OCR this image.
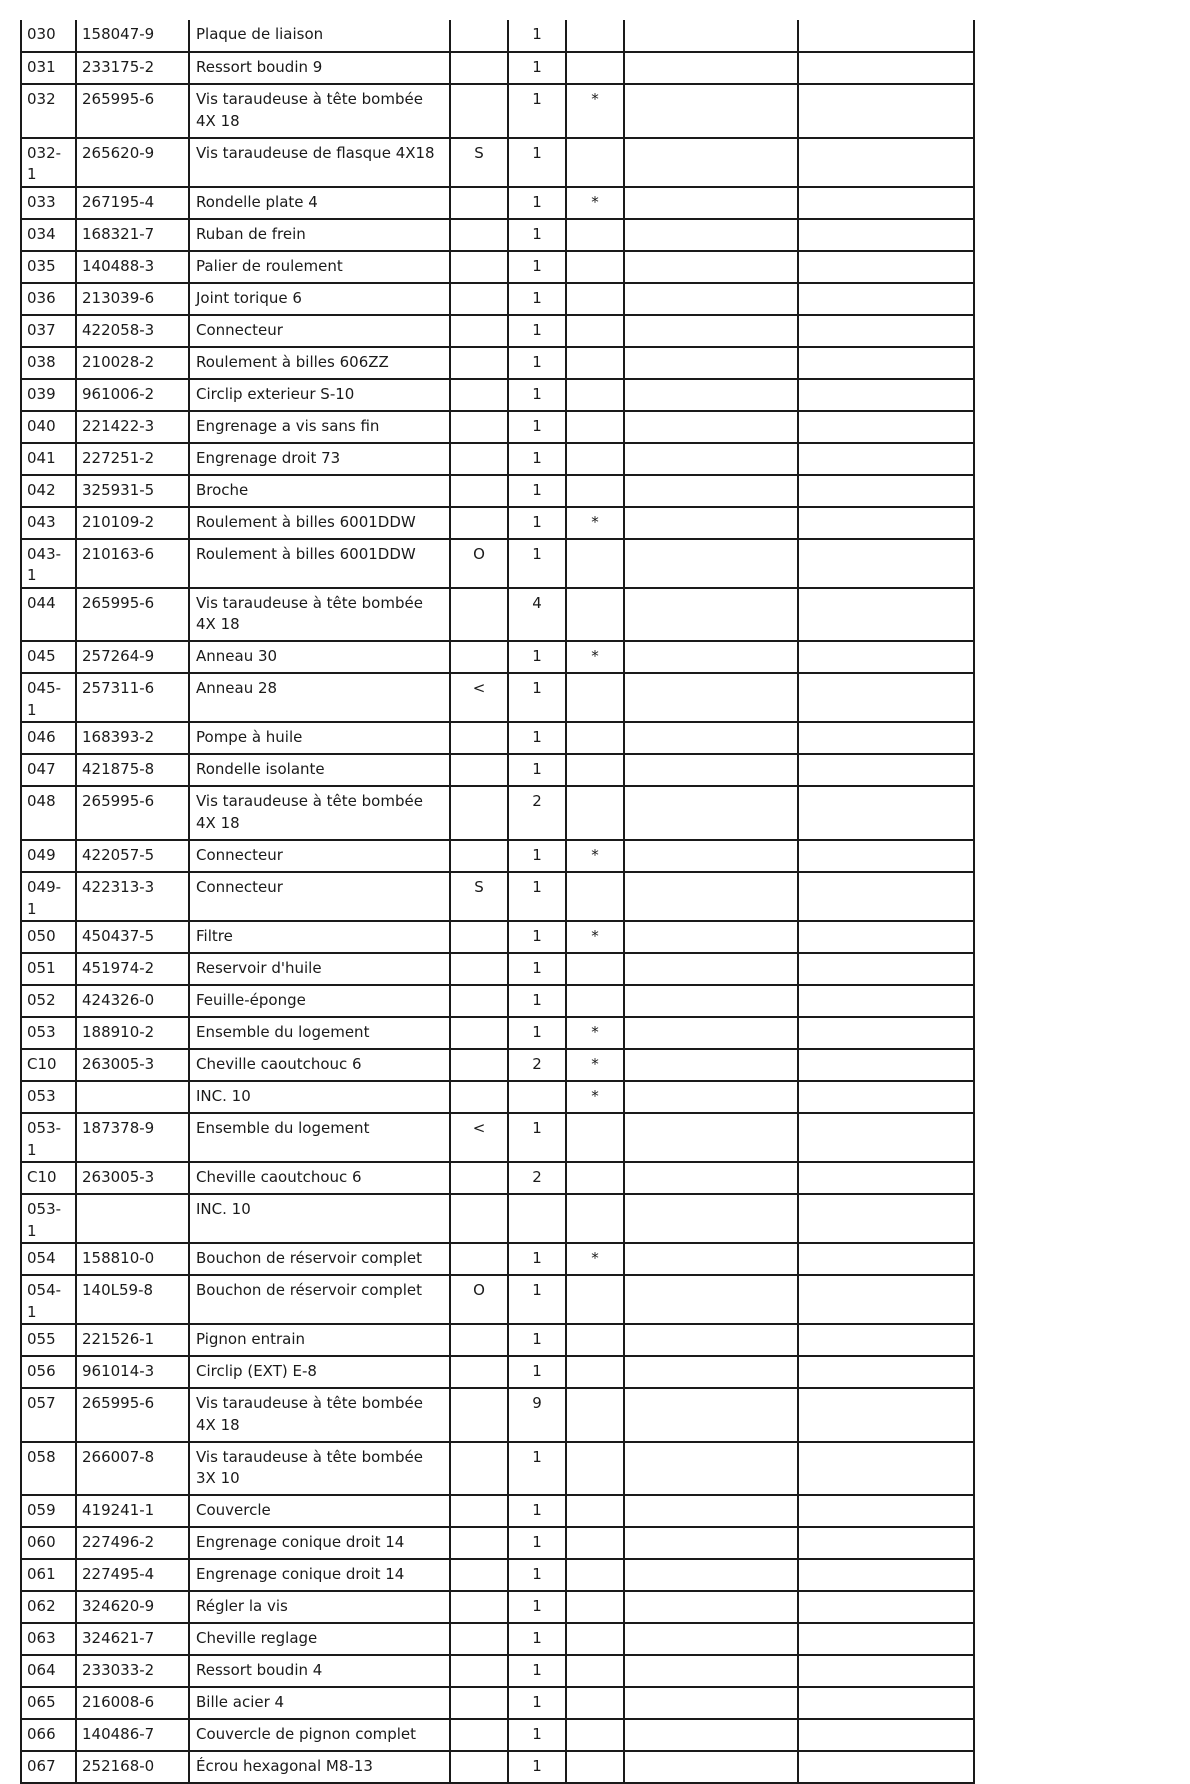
030	158047-9	Plaque de liaison		1			
031	233175-2	Ressort boudin 9		1			
032	265995-6	Vis taraudeuse à tête bombée 4X 18		1	*		
032-1	265620-9	Vis taraudeuse de flasque 4X18	S	1			
033	267195-4	Rondelle plate 4		1	*		
034	168321-7	Ruban de frein		1			
035	140488-3	Palier de roulement		1			
036	213039-6	Joint torique 6		1			
037	422058-3	Connecteur		1			
038	210028-2	Roulement à billes 606ZZ		1			
039	961006-2	Circlip exterieur S-10		1			
040	221422-3	Engrenage a vis sans fin		1			
041	227251-2	Engrenage droit 73		1			
042	325931-5	Broche		1			
043	210109-2	Roulement à billes 6001DDW		1	*		
043-1	210163-6	Roulement à billes 6001DDW	O	1			
044	265995-6	Vis taraudeuse à tête bombée 4X 18		4			
045	257264-9	Anneau 30		1	*		
045-1	257311-6	Anneau 28	<	1			
046	168393-2	Pompe à huile		1			
047	421875-8	Rondelle isolante		1			
048	265995-6	Vis taraudeuse à tête bombée 4X 18		2			
049	422057-5	Connecteur		1	*		
049-1	422313-3	Connecteur	S	1			
050	450437-5	Filtre		1	*		
051	451974-2	Reservoir d'huile		1			
052	424326-0	Feuille-éponge		1			
053	188910-2	Ensemble du logement		1	*		
C10	263005-3	Cheville caoutchouc 6		2	*		
053		INC. 10			*		
053-1	187378-9	Ensemble du logement	<	1			
C10	263005-3	Cheville caoutchouc 6		2			
053-1		INC. 10					
054	158810-0	Bouchon de réservoir complet		1	*		
054-1	140L59-8	Bouchon de réservoir complet	O	1			
055	221526-1	Pignon entrain		1			
056	961014-3	Circlip (EXT) E-8		1			
057	265995-6	Vis taraudeuse à tête bombée 4X 18		9			
058	266007-8	Vis taraudeuse à tête bombée 3X 10		1			
059	419241-1	Couvercle		1			
060	227496-2	Engrenage conique droit 14		1			
061	227495-4	Engrenage conique droit 14		1			
062	324620-9	Régler la vis		1			
063	324621-7	Cheville reglage		1			
064	233033-2	Ressort boudin 4		1			
065	216008-6	Bille acier 4		1			
066	140486-7	Couvercle de pignon complet		1			
067	252168-0	Écrou hexagonal M8-13		1			
